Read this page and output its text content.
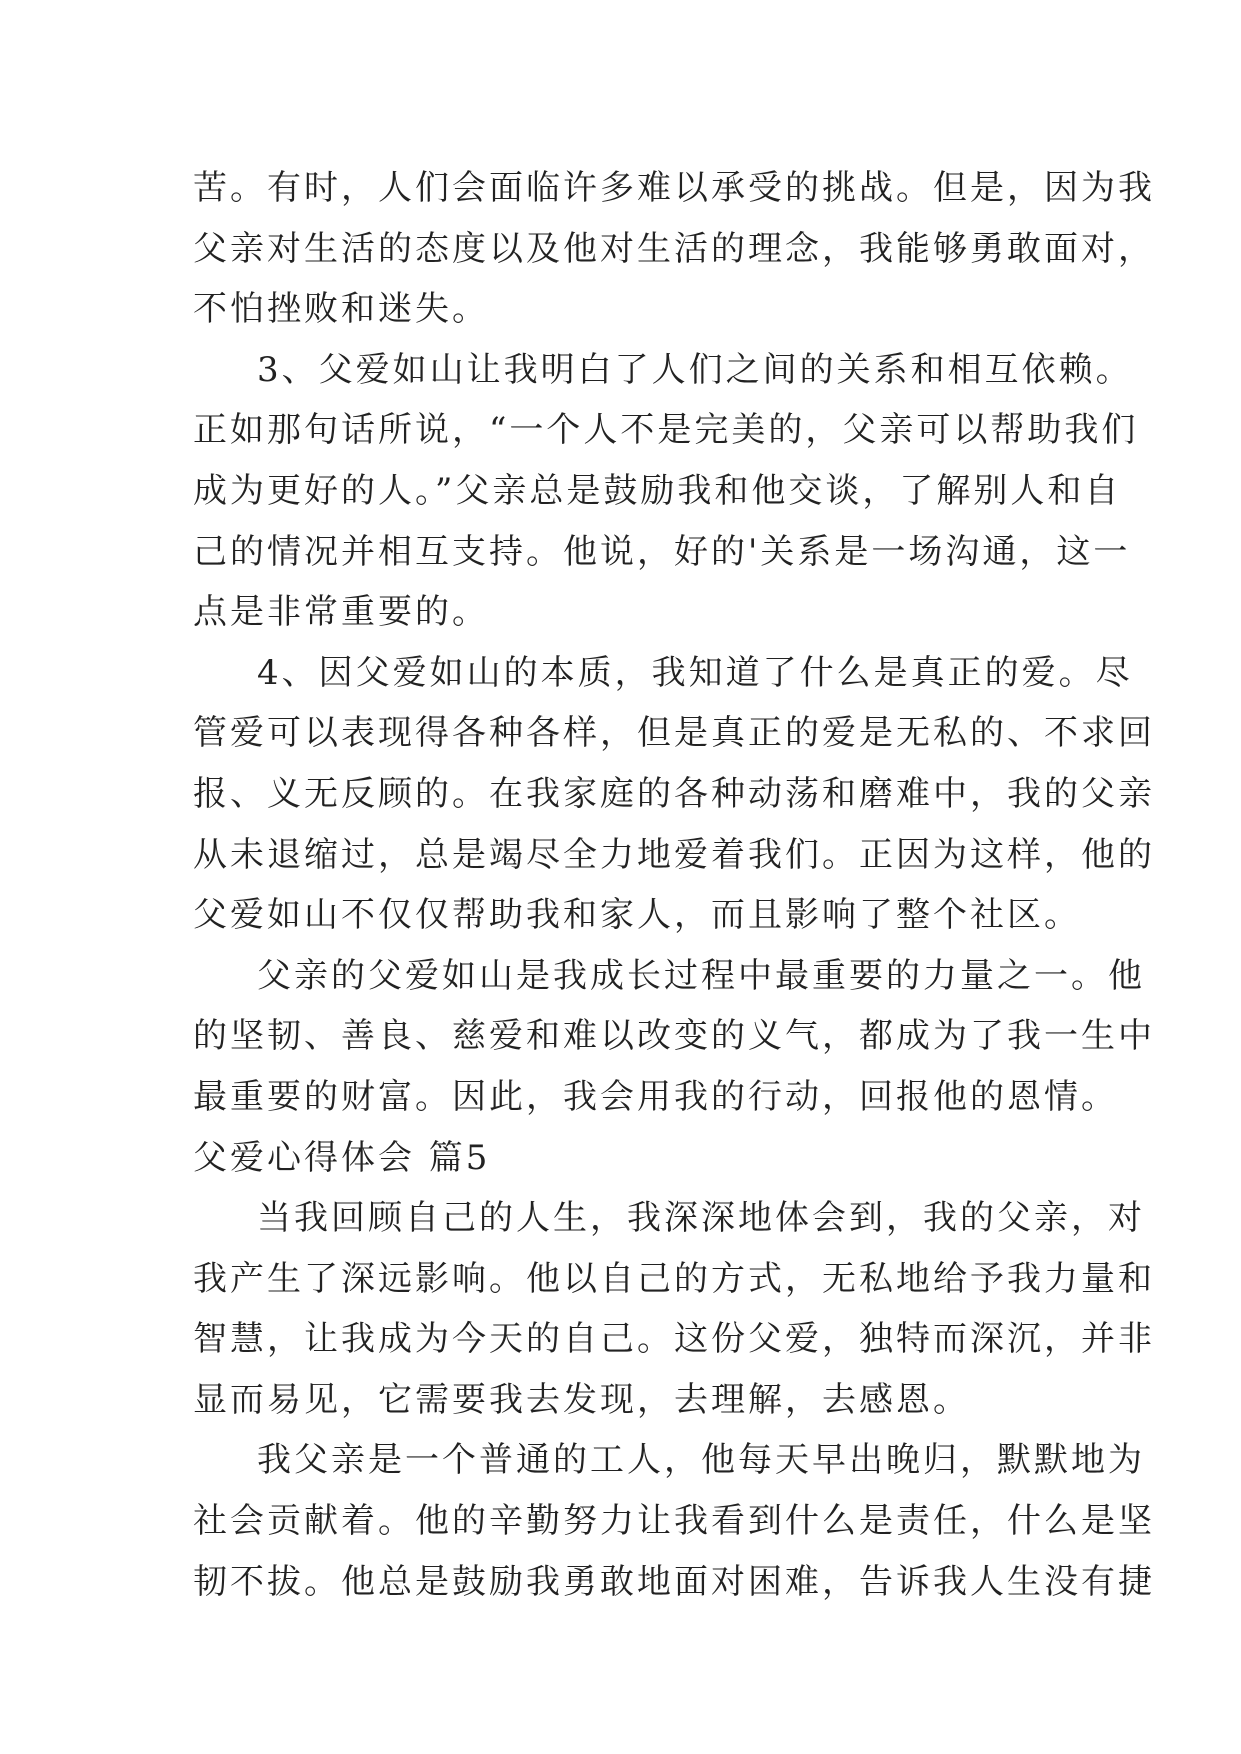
苦。有时，人们会面临许多难以承受的挑战。但是，因为我
父亲对生活的态度以及他对生活的理念，我能够勇敢面对，
不怕挫败和迷失。
3、父爱如山让我明白了人们之间的关系和相互依赖。
正如那句话所说，“一个人不是完美的，父亲可以帮助我们
成为更好的人。”父亲总是鼓励我和他交谈，了解别人和自
己的情况并相互支持。他说，好的'关系是一场沟通，这一
点是非常重要的。
4、因父爱如山的本质，我知道了什么是真正的爱。尽
管爱可以表现得各种各样，但是真正的爱是无私的、不求回
报、义无反顾的。在我家庭的各种动荡和磨难中，我的父亲
从未退缩过，总是竭尽全力地爱着我们。正因为这样，他的
父爱如山不仅仅帮助我和家人，而且影响了整个社区。
父亲的父爱如山是我成长过程中最重要的力量之一。他
的坚韧、善良、慈爱和难以改变的义气，都成为了我一生中
最重要的财富。因此，我会用我的行动，回报他的恩情。
父爱心得体会 篇5
当我回顾自己的人生，我深深地体会到，我的父亲，对
我产生了深远影响。他以自己的方式，无私地给予我力量和
智慧，让我成为今天的自己。这份父爱，独特而深沉，并非
显而易见，它需要我去发现，去理解，去感恩。
我父亲是一个普通的工人，他每天早出晚归，默默地为
社会贡献着。他的辛勤努力让我看到什么是责任，什么是坚
韧不拔。他总是鼓励我勇敢地面对困难，告诉我人生没有捷
